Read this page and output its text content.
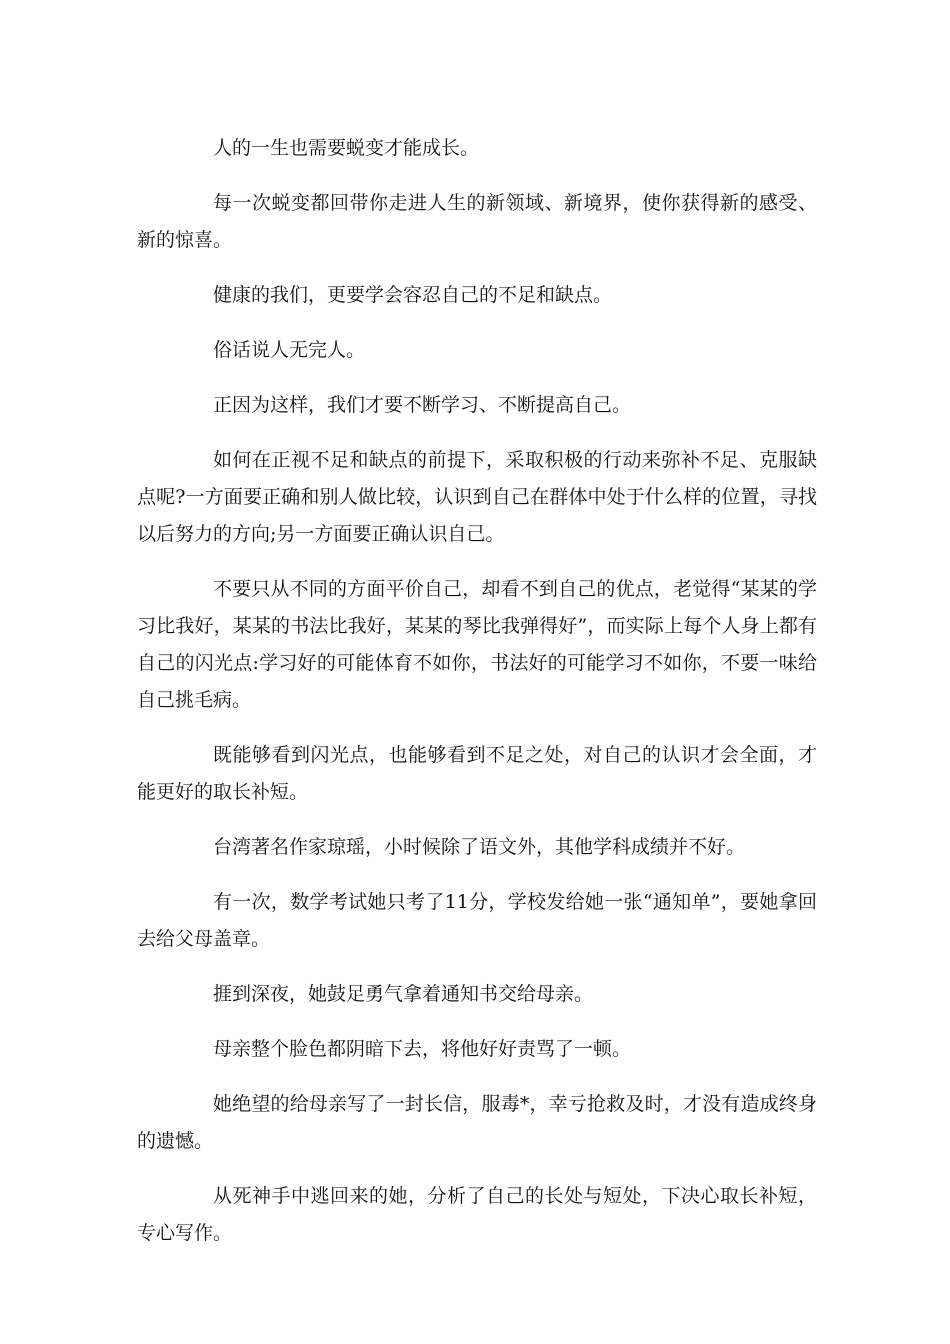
人的一生也需要蜕变才能成长。

每一次蜕变都回带你走进人生的新领域、新境界，使你获得新的感受、新的惊喜。

健康的我们，更要学会容忍自己的不足和缺点。

俗话说人无完人。

正因为这样，我们才要不断学习、不断提高自己。

如何在正视不足和缺点的前提下，采取积极的行动来弥补不足、克服缺点呢?一方面要正确和别人做比较，认识到自己在群体中处于什么样的位置，寻找以后努力的方向;另一方面要正确认识自己。

不要只从不同的方面平价自己，却看不到自己的优点，老觉得“某某的学习比我好，某某的书法比我好，某某的琴比我弹得好”，而实际上每个人身上都有自己的闪光点:学习好的可能体育不如你，书法好的可能学习不如你，不要一味给自己挑毛病。

既能够看到闪光点，也能够看到不足之处，对自己的认识才会全面，才能更好的取长补短。

台湾著名作家琼瑶，小时候除了语文外，其他学科成绩并不好。

有一次，数学考试她只考了11分，学校发给她一张“通知单”，要她拿回去给父母盖章。

捱到深夜，她鼓足勇气拿着通知书交给母亲。

母亲整个脸色都阴暗下去，将他好好责骂了一顿。

她绝望的给母亲写了一封长信，服毒*，幸亏抢救及时，才没有造成终身的遗憾。

从死神手中逃回来的她，分析了自己的长处与短处，下决心取长补短，专心写作。
